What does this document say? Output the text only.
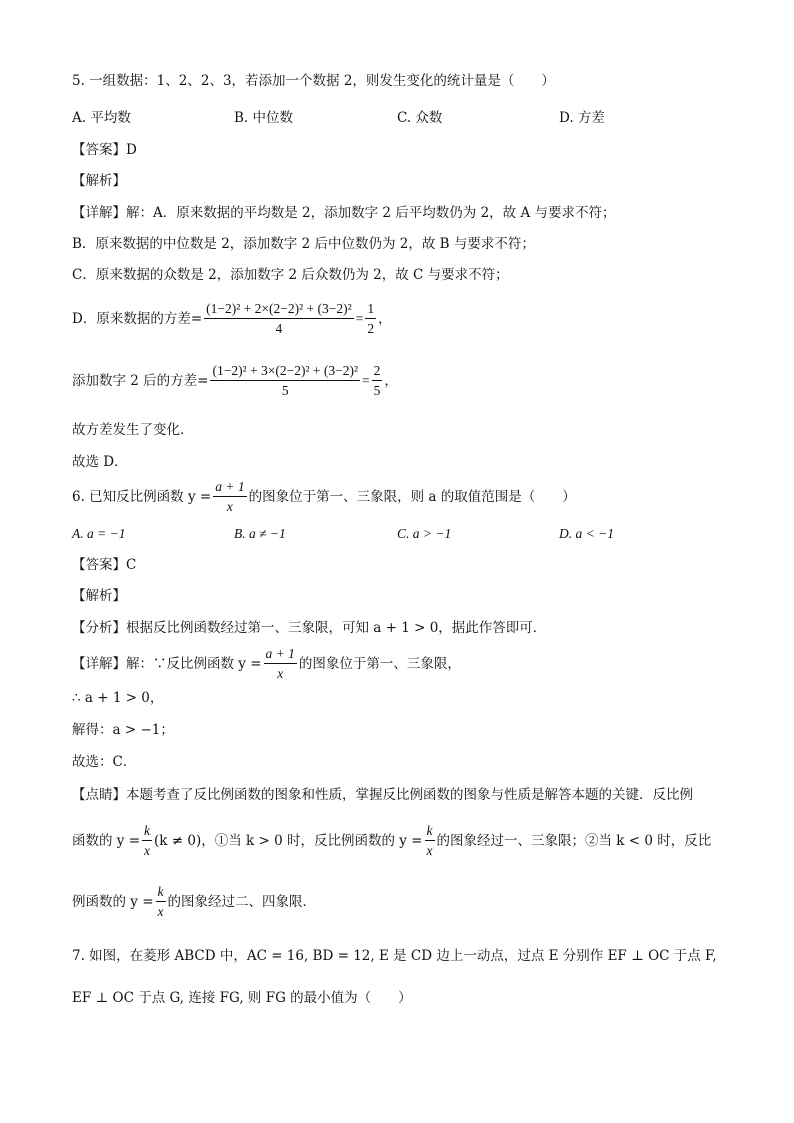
5. 一组数据：1、2、2、3，若添加一个数据 2，则发生变化的统计量是（　　）
A. 平均数	B. 中位数	C. 众数	D. 方差
【答案】D
【解析】
【详解】解：A．原来数据的平均数是 2，添加数字 2 后平均数仍为 2，故 A 与要求不符；
B．原来数据的中位数是 2，添加数字 2 后中位数仍为 2，故 B 与要求不符；
C．原来数据的众数是 2，添加数字 2 后众数仍为 2，故 C 与要求不符；
D．原来数据的方差= $\frac{\text{(1−2)² + 2×(2−2)² + (3−2)²}}{4} = \frac{1}{2}$ ，
添加数字 2 后的方差= $\frac{\text{(1−2)² + 3×(2−2)² + (3−2)²}}{5} = \frac{2}{5}$ ，
故方差发生了变化．
故选 D．
6. 已知反比例函数 $y = \frac{a + 1}{x}$ 的图象位于第一、三象限，则 a 的取值范围是（　　）
A. a = −1	B. a ≠ −1	C. a > −1	D. a < −1
【答案】C
【解析】
【分析】根据反比例函数经过第一、三象限，可知 a + 1 > 0，据此作答即可．
【详解】解：∵反比例函数 $y = \frac{a + 1}{x}$ 的图象位于第一、三象限，
∴ a + 1 > 0，
解得：a > −1；
故选：C．
【点睛】本题考查了反比例函数的图象和性质，掌握反比例函数的图象与性质是解答本题的关键．反比例
函数的 $y = \frac{k}{x} (k \ne 0)$，①当 k > 0 时，反比例函数的 $y = \frac{k}{x}$ 的图象经过一、三象限；②当 k < 0 时，反比
例函数的 $y = \frac{k}{x}$ 的图象经过二、四象限．
7. 如图，在菱形 ABCD 中，AC = 16, BD = 12, E 是 CD 边上一动点，过点 E 分别作 EF ⊥ OC 于点 F,
EF ⊥ OC 于点 G, 连接 FG, 则 FG 的最小值为（　　）
